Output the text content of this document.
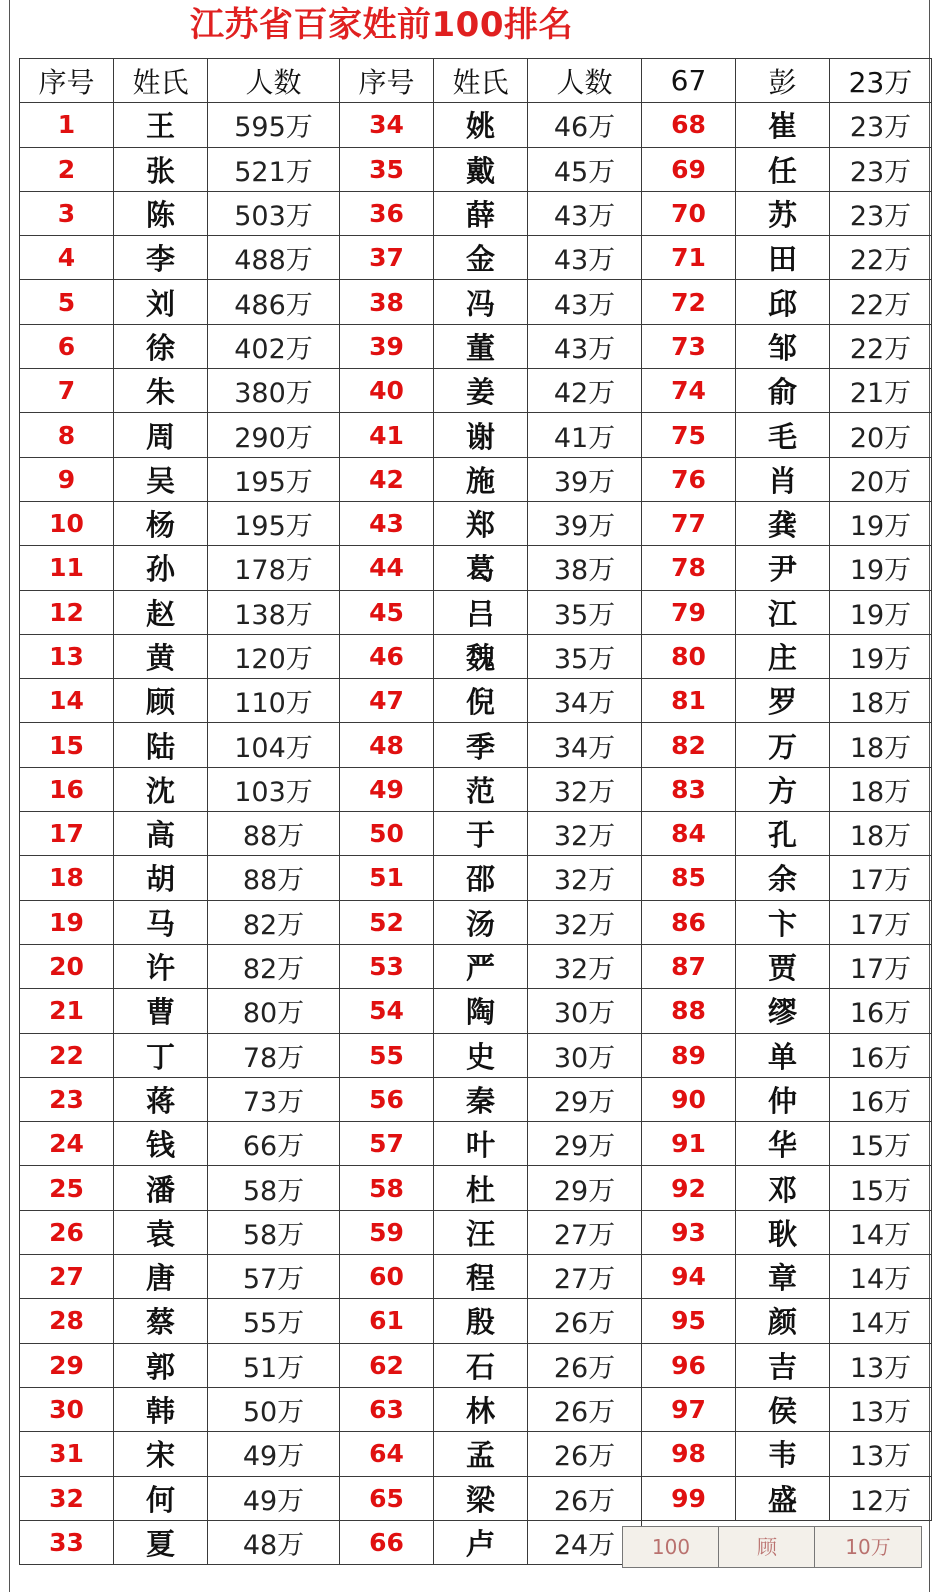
江苏省百家姓前100排名
序号	姓氏	人数	序号	姓氏	人数	67	彭	23万
1	王	595万	34	姚	46万	68	崔	23万
2	张	521万	35	戴	45万	69	任	23万
3	陈	503万	36	薛	43万	70	苏	23万
4	李	488万	37	金	43万	71	田	22万
5	刘	486万	38	冯	43万	72	邱	22万
6	徐	402万	39	董	43万	73	邹	22万
7	朱	380万	40	姜	42万	74	俞	21万
8	周	290万	41	谢	41万	75	毛	20万
9	吴	195万	42	施	39万	76	肖	20万
10	杨	195万	43	郑	39万	77	龚	19万
11	孙	178万	44	葛	38万	78	尹	19万
12	赵	138万	45	吕	35万	79	江	19万
13	黄	120万	46	魏	35万	80	庄	19万
14	顾	110万	47	倪	34万	81	罗	18万
15	陆	104万	48	季	34万	82	万	18万
16	沈	103万	49	范	32万	83	方	18万
17	高	88万	50	于	32万	84	孔	18万
18	胡	88万	51	邵	32万	85	余	17万
19	马	82万	52	汤	32万	86	卞	17万
20	许	82万	53	严	32万	87	贾	17万
21	曹	80万	54	陶	30万	88	缪	16万
22	丁	78万	55	史	30万	89	单	16万
23	蒋	73万	56	秦	29万	90	仲	16万
24	钱	66万	57	叶	29万	91	华	15万
25	潘	58万	58	杜	29万	92	邓	15万
26	袁	58万	59	汪	27万	93	耿	14万
27	唐	57万	60	程	27万	94	章	14万
28	蔡	55万	61	殷	26万	95	颜	14万
29	郭	51万	62	石	26万	96	吉	13万
30	韩	50万	63	林	26万	97	侯	13万
31	宋	49万	64	孟	26万	98	韦	13万
32	何	49万	65	梁	26万	99	盛	12万
33	夏	48万	66	卢	24万				100	顾	10万
